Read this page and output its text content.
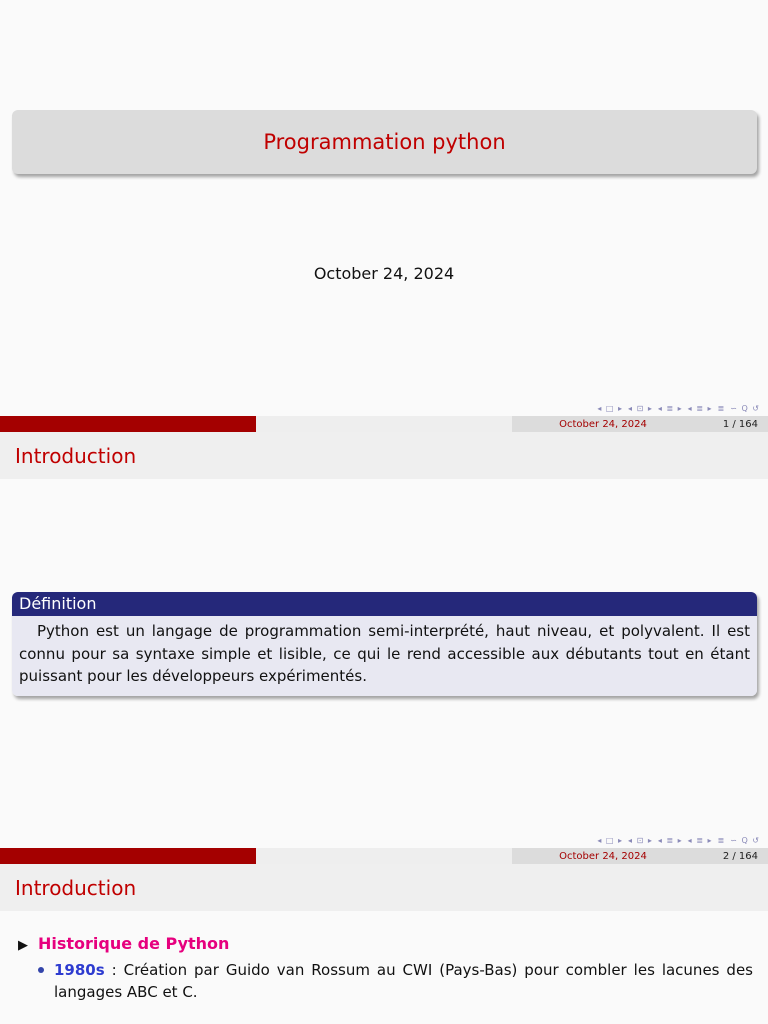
Programmation python
October 24, 2024
◂ □ ▸ ◂ ⊡ ▸ ◂ ≣ ▸ ◂ ≣ ▸ ≣ ∽ Q ↺
October 24, 2024	1 / 164
Introduction
Définition
Python est un langage de programmation semi-interprété, haut niveau, et polyvalent. Il est connu pour sa syntaxe simple et lisible, ce qui le rend accessible aux débutants tout en étant puissant pour les développeurs expérimentés.
◂ □ ▸ ◂ ⊡ ▸ ◂ ≣ ▸ ◂ ≣ ▸ ≣ ∽ Q ↺
October 24, 2024	2 / 164
Introduction
▶ Historique de Python
1980s : Création par Guido van Rossum au CWI (Pays-Bas) pour combler les lacunes des langages ABC et C.
